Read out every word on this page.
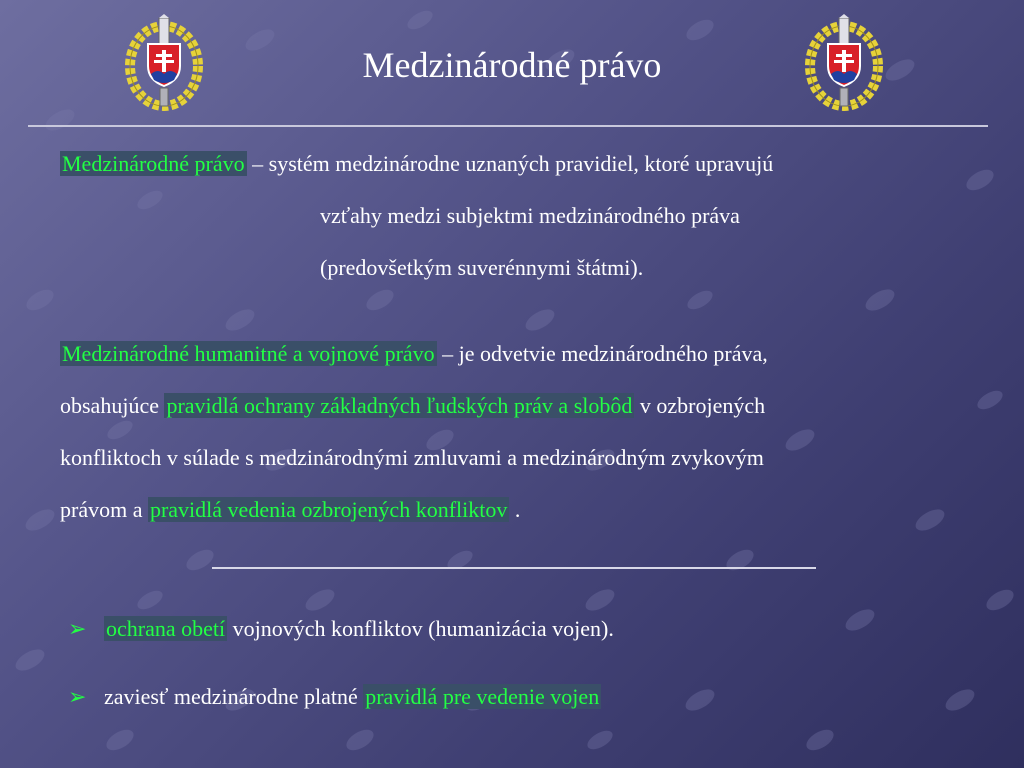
Medzinárodné právo
Medzinárodné právo – systém medzinárodne uznaných pravidiel, ktoré upravujú
vzťahy medzi subjektmi medzinárodného práva
(predovšetkým suverénnymi štátmi).
Medzinárodné humanitné a vojnové právo – je odvetvie medzinárodného práva,
obsahujúce pravidlá ochrany základných ľudských práv a slobôd v ozbrojených
konfliktoch v súlade s medzinárodnými zmluvami a medzinárodným zvykovým
právom a pravidlá vedenia ozbrojených konfliktov .
➢ ochrana obetí vojnových konfliktov (humanizácia vojen).
➢ zaviesť medzinárodne platné pravidlá pre vedenie vojen
